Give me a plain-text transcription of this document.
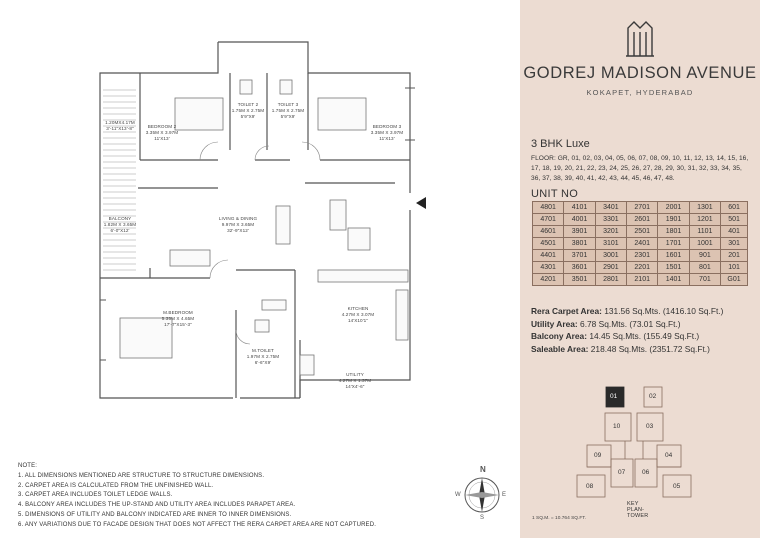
BEDROOM 2
3.35M X 3.97M
11'X13'
TOILET 2
1.75M X 2.75M
5'9"X9'
TOILET 3
1.75M X 2.75M
5'9"X9'
BEDROOM 3
3.35M X 3.97M
11'X13'
1.20MX4.17M
3'-11"X13'-8"
BALCONY
1.82M X 3.65M
6'-0"X12'
LIVING & DINING
9.97M X 3.65M
32'-9"X12'
M.BEDROOM
5.35M X 4.65M
17'-7"X15'-3"
KITCHEN
4.27M X 3.07M
14'X10'1"
M.TOILET
1.97M X 2.75M
6'-6"X9'
UTILITY
4.27M X 1.37M
14'X4'-6"
NOTE:
1. ALL DIMENSIONS MENTIONED ARE STRUCTURE TO STRUCTURE DIMENSIONS.
2. CARPET AREA IS CALCULATED FROM THE UNFINISHED WALL.
3. CARPET AREA INCLUDES TOILET LEDGE WALLS.
4. BALCONY AREA INCLUDES THE UP-STAND AND UTILITY AREA INCLUDES PARAPET AREA.
5. DIMENSIONS OF UTILITY AND BALCONY INDICATED ARE INNER TO INNER DIMENSIONS.
6. ANY VARIATIONS DUE TO FACADE DESIGN THAT DOES NOT AFFECT THE RERA CARPET AREA ARE NOT CAPTURED.
N
S
E
W
GODREJ MADISON AVENUE
KOKAPET, HYDERABAD
3 BHK Luxe
FLOOR: GR, 01, 02, 03, 04, 05, 06, 07, 08, 09, 10, 11, 12, 13, 14, 15, 16, 17, 18, 19, 20, 21, 22, 23, 24, 25, 26, 27, 28, 29, 30, 31, 32, 33, 34, 35, 36, 37, 38, 39, 40, 41, 42, 43, 44, 45, 46, 47, 48.
UNIT NO
4801	4101	3401	2701	2001	1301	601
4701	4001	3301	2601	1901	1201	501
4601	3901	3201	2501	1801	1101	401
4501	3801	3101	2401	1701	1001	301
4401	3701	3001	2301	1601	901	201
4301	3601	2901	2201	1501	801	101
4201	3501	2801	2101	1401	701	G01
Rera Carpet Area: 131.56 Sq.Mts. (1416.10 Sq.Ft.)
Utility Area: 6.78 Sq.Mts. (73.01 Sq.Ft.)
Balcony Area: 14.45 Sq.Mts. (155.49 Sq.Ft.)
Saleable Area: 218.48 Sq.Mts. (2351.72 Sq.Ft.)
1 SQ.M. = 10.764 SQ.FT.
01	02
10	03
09	04
07	06
08	05
KEY PLAN-TOWER
